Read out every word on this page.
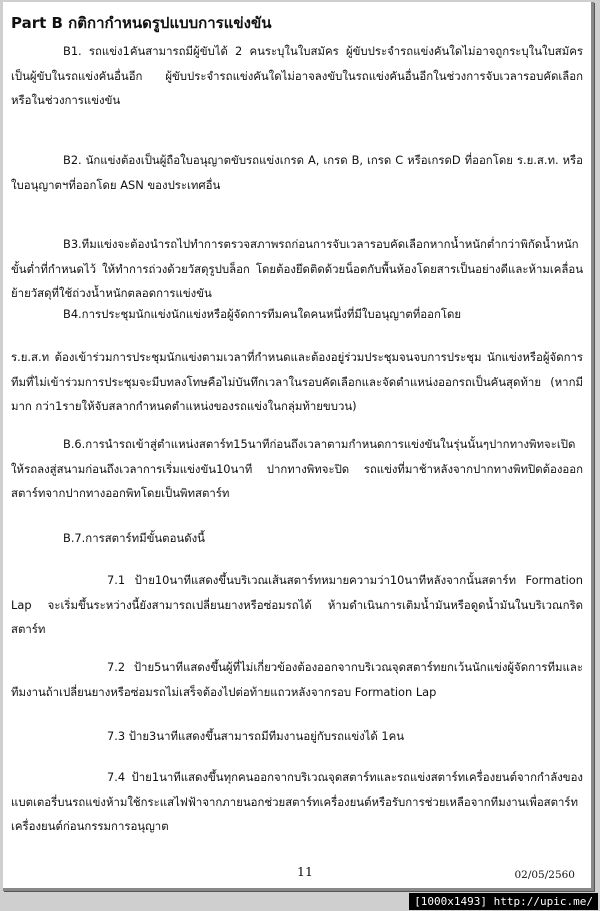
Part B กติกากำหนดรูปแบบการแข่งขัน

B1. รถแข่ง1คันสามารถมีผู้ขับได้ 2 คนระบุในใบสมัคร ผู้ขับประจำรถแข่งคันใดไม่อาจถูกระบุในใบสมัครเป็นผู้ขับในรถแข่งคันอื่นอีก ผู้ขับประจำรถแข่งคันใดไม่อาจลงขับในรถแข่งคันอื่นอีกในช่วงการจับเวลารอบคัดเลือกหรือในช่วงการแข่งขัน

B2. นักแข่งต้องเป็นผู้ถือใบอนุญาตขับรถแข่งเกรด A, เกรด B, เกรด C หรือเกรดD ที่ออกโดย ร.ย.ส.ท. หรือใบอนุญาตฯที่ออกโดย ASN ของประเทศอื่น

B3.ทีมแข่งจะต้องนำรถไปทำการตรวจสภาพรถก่อนการจับเวลารอบคัดเลือกหากน้ำหนักต่ำกว่าพิกัดน้ำหนักขั้นต่ำที่กำหนดไว้ ให้ทำการถ่วงด้วยวัสดุรูปบล็อก โดยต้องยึดติดด้วยน็อตกับพื้นห้องโดยสารเป็นอย่างดีและห้ามเคลื่อนย้ายวัสดุที่ใช้ถ่วงน้ำหนักตลอดการแข่งขัน

B4.การประชุมนักแข่งนักแข่งหรือผู้จัดการทีมคนใดคนหนึ่งที่มีใบอนุญาตที่ออกโดย

ร.ย.ส.ท ต้องเข้าร่วมการประชุมนักแข่งตามเวลาที่กำหนดและต้องอยู่ร่วมประชุมจนจบการประชุม นักแข่งหรือผู้จัดการทีมที่ไม่เข้าร่วมการประชุมจะมีบทลงโทษคือไม่บันทึกเวลาในรอบคัดเลือกและจัดตำแหน่งออกรถเป็นคันสุดท้าย (หากมีมาก กว่า1รายให้จับสลากกำหนดตำแหน่งของรถแข่งในกลุ่มท้ายขบวน)

B.6.การนำรถเข้าสู่ตำแหน่งสตาร์ท15นาทีก่อนถึงเวลาตามกำหนดการแข่งขันในรุ่นนั้นๆปากทางพิทจะเปิดให้รถลงสู่สนามก่อนถึงเวลาการเริ่มแข่งขัน10นาที ปากทางพิทจะปิด รถแข่งที่มาช้าหลังจากปากทางพิทปิดต้องออกสตาร์ทจากปากทางออกพิทโดยเป็นพิทสตาร์ท

B.7.การสตาร์ทมีขั้นตอนดังนี้

7.1 ป้าย10นาทีแสดงขึ้นบริเวณเส้นสตาร์ทหมายความว่า10นาทีหลังจากนั้นสตาร์ท Formation Lap จะเริ่มขึ้นระหว่างนี้ยังสามารถเปลี่ยนยางหรือซ่อมรถได้ ห้ามดำเนินการเติมน้ำมันหรือดูดน้ำมันในบริเวณกริดสตาร์ท

7.2 ป้าย5นาทีแสดงขึ้นผู้ที่ไม่เกี่ยวข้องต้องออกจากบริเวณจุดสตาร์ทยกเว้นนักแข่งผู้จัดการทีมและทีมงานถ้าเปลี่ยนยางหรือซ่อมรถไม่เสร็จต้องไปต่อท้ายแถวหลังจากรอบ Formation Lap

7.3 ป้าย3นาทีแสดงขึ้นสามารถมีทีมงานอยู่กับรถแข่งได้ 1คน

7.4 ป้าย1นาทีแสดงขึ้นทุกคนออกจากบริเวณจุดสตาร์ทและรถแข่งสตาร์ทเครื่องยนต์จากกำลังของแบตเตอรี่บนรถแข่งห้ามใช้กระแสไฟฟ้าจากภายนอกช่วยสตาร์ทเครื่องยนต์หรือรับการช่วยเหลือจากทีมงานเพื่อสตาร์ทเครื่องยนต์ก่อนกรรมการอนุญาต

11	02/05/2560
[1000x1493] http://upic.me/
